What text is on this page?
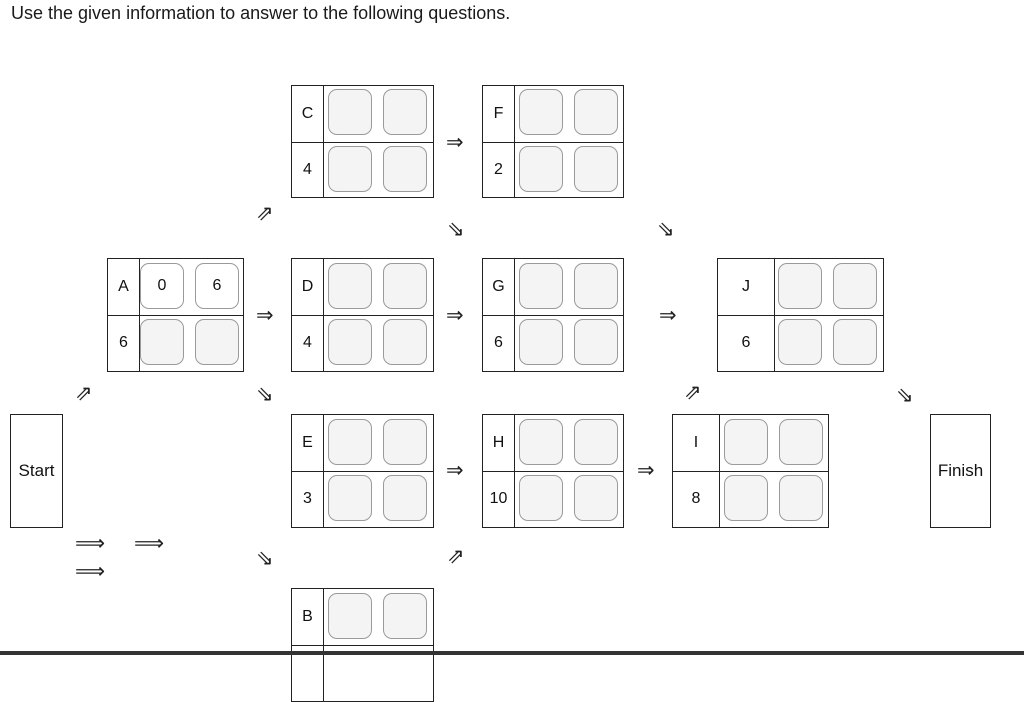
Use the given information to answer to the following questions.
Start	Finish
A
6
0	6
C
4
D
4
E
3
B
F
2
G
6
H
10
I
8
J
6
⇗
⇗
⇒
⇘
⇘
⇒
⇘
⇒
⇒
⇗
⇘
⇒
⇗
⇒
⇘
⟹ ⟹
⟹
